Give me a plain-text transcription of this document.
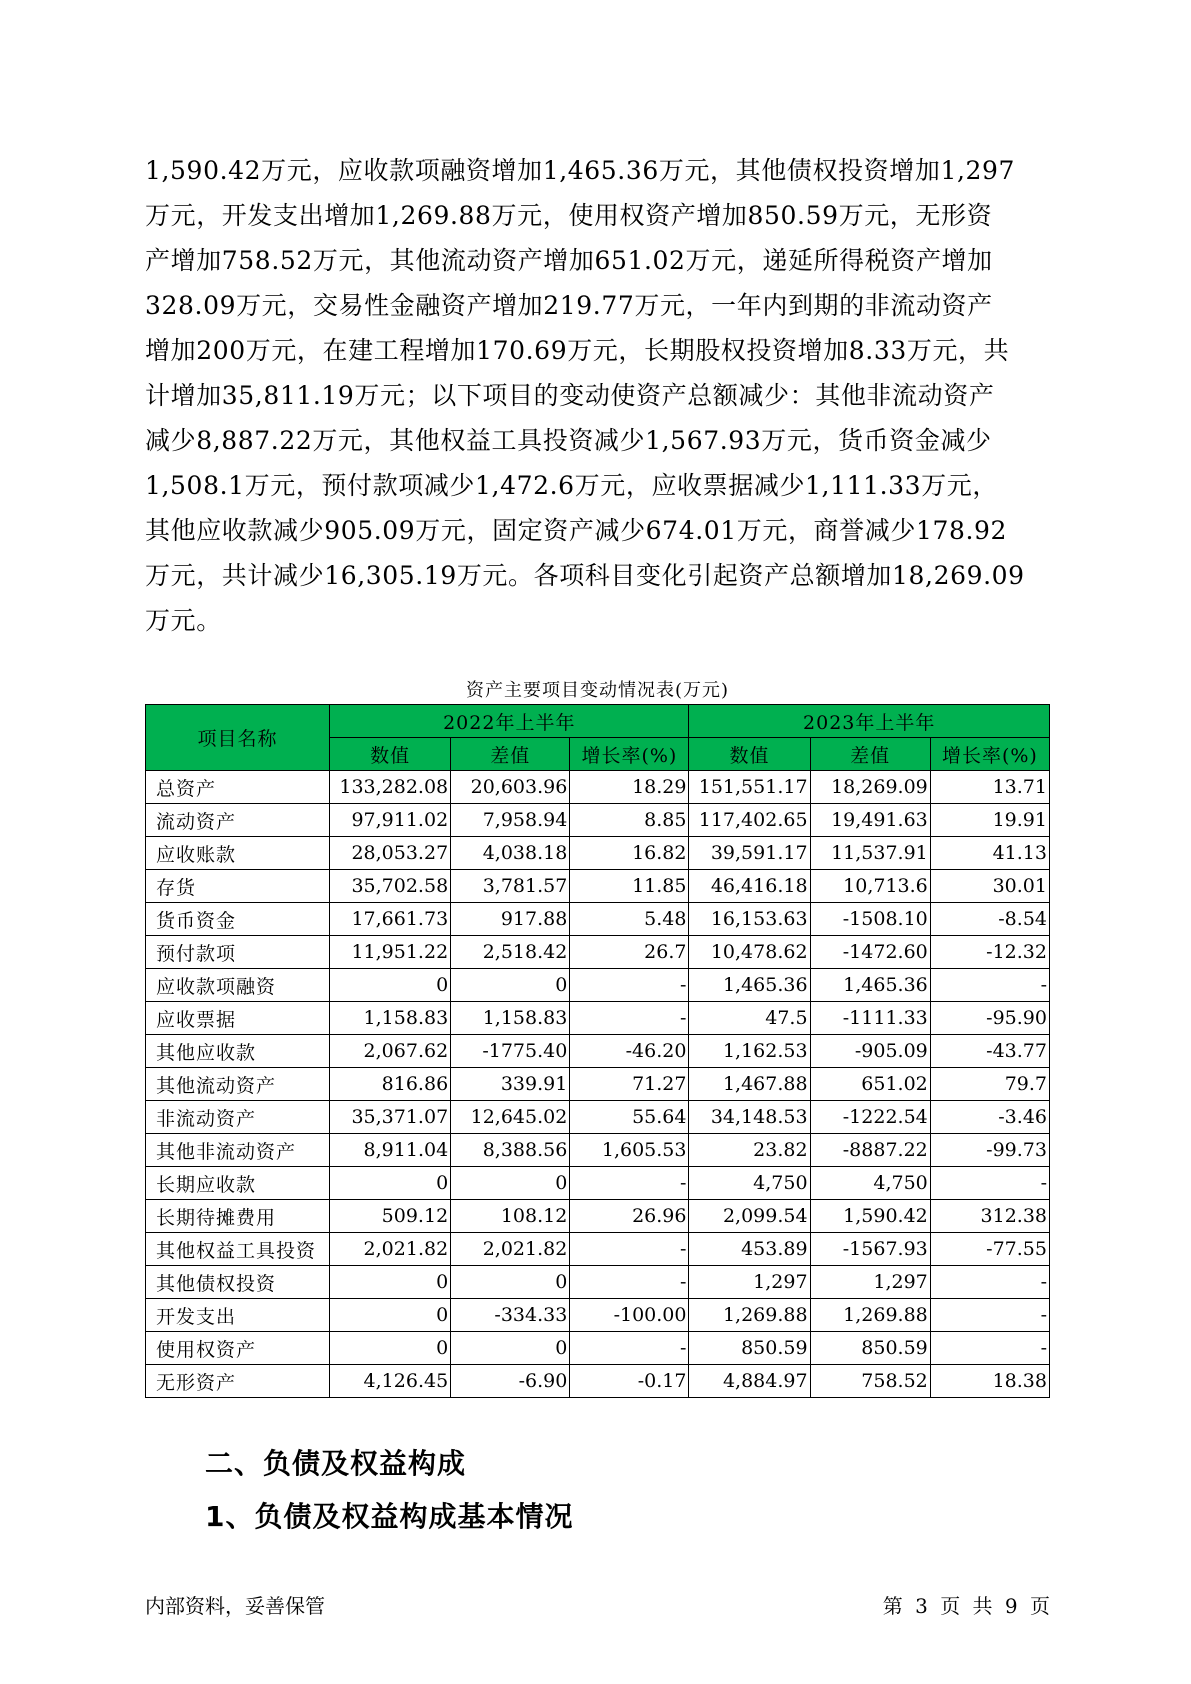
1,590.42万元，应收款项融资增加1,465.36万元，其他债权投资增加1,297
万元，开发支出增加1,269.88万元，使用权资产增加850.59万元，无形资
产增加758.52万元，其他流动资产增加651.02万元，递延所得税资产增加
328.09万元，交易性金融资产增加219.77万元，一年内到期的非流动资产
增加200万元，在建工程增加170.69万元，长期股权投资增加8.33万元，共
计增加35,811.19万元；以下项目的变动使资产总额减少：其他非流动资产
减少8,887.22万元，其他权益工具投资减少1,567.93万元，货币资金减少
1,508.1万元，预付款项减少1,472.6万元，应收票据减少1,111.33万元，
其他应收款减少905.09万元，固定资产减少674.01万元，商誉减少178.92
万元，共计减少16,305.19万元。各项科目变化引起资产总额增加18,269.09
万元。
资产主要项目变动情况表(万元)
项目名称	2022年上半年			2023年上半年		
	数值	差值	增长率(%)	数值	差值	增长率(%)
总资产	133,282.08	20,603.96	18.29	151,551.17	18,269.09	13.71
流动资产	97,911.02	7,958.94	8.85	117,402.65	19,491.63	19.91
应收账款	28,053.27	4,038.18	16.82	39,591.17	11,537.91	41.13
存货	35,702.58	3,781.57	11.85	46,416.18	10,713.6	30.01
货币资金	17,661.73	917.88	5.48	16,153.63	-1508.10	-8.54
预付款项	11,951.22	2,518.42	26.7	10,478.62	-1472.60	-12.32
应收款项融资	0	0	-	1,465.36	1,465.36	-
应收票据	1,158.83	1,158.83	-	47.5	-1111.33	-95.90
其他应收款	2,067.62	-1775.40	-46.20	1,162.53	-905.09	-43.77
其他流动资产	816.86	339.91	71.27	1,467.88	651.02	79.7
非流动资产	35,371.07	12,645.02	55.64	34,148.53	-1222.54	-3.46
其他非流动资产	8,911.04	8,388.56	1,605.53	23.82	-8887.22	-99.73
长期应收款	0	0	-	4,750	4,750	-
长期待摊费用	509.12	108.12	26.96	2,099.54	1,590.42	312.38
其他权益工具投资	2,021.82	2,021.82	-	453.89	-1567.93	-77.55
其他债权投资	0	0	-	1,297	1,297	-
开发支出	0	-334.33	-100.00	1,269.88	1,269.88	-
使用权资产	0	0	-	850.59	850.59	-
无形资产	4,126.45	-6.90	-0.17	4,884.97	758.52	18.38
二、负债及权益构成
1、负债及权益构成基本情况
内部资料，妥善保管	第 3 页 共 9 页
